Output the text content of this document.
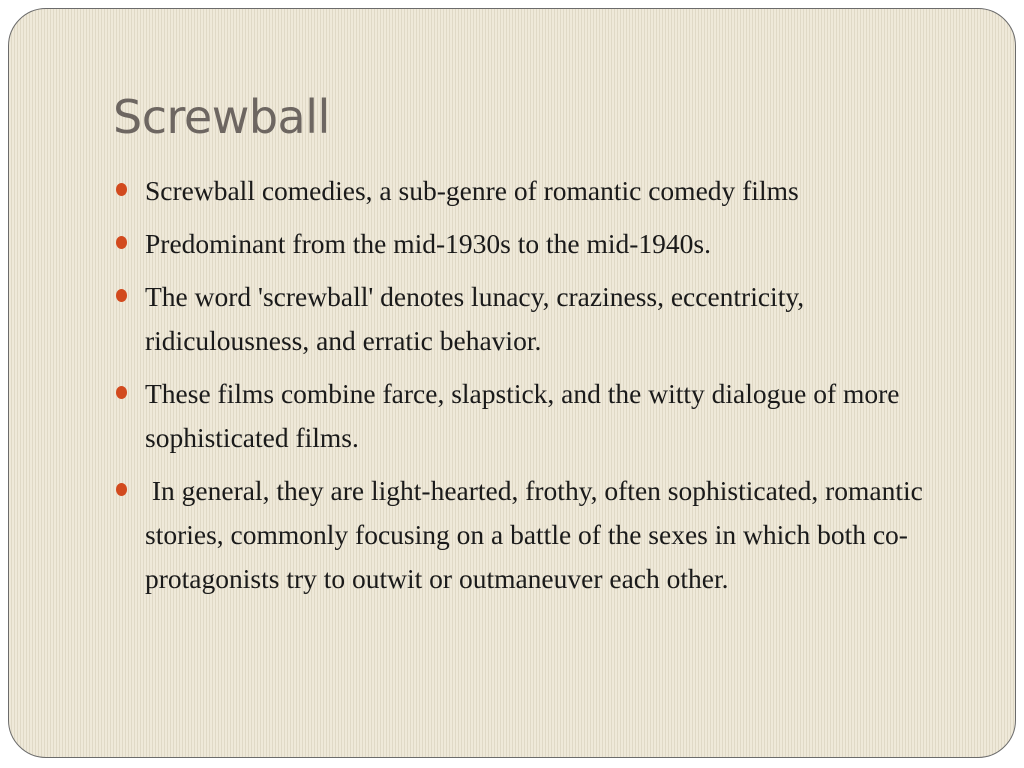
Screwball
Screwball comedies, a sub-genre of romantic comedy films
Predominant from the mid-1930s to the mid-1940s.
The word 'screwball' denotes lunacy, craziness, eccentricity, ridiculousness, and erratic behavior.
These films combine farce, slapstick, and the witty dialogue of more sophisticated films.
In general, they are light-hearted, frothy, often sophisticated, romantic stories, commonly focusing on a battle of the sexes in which both co-protagonists try to outwit or outmaneuver each other.
